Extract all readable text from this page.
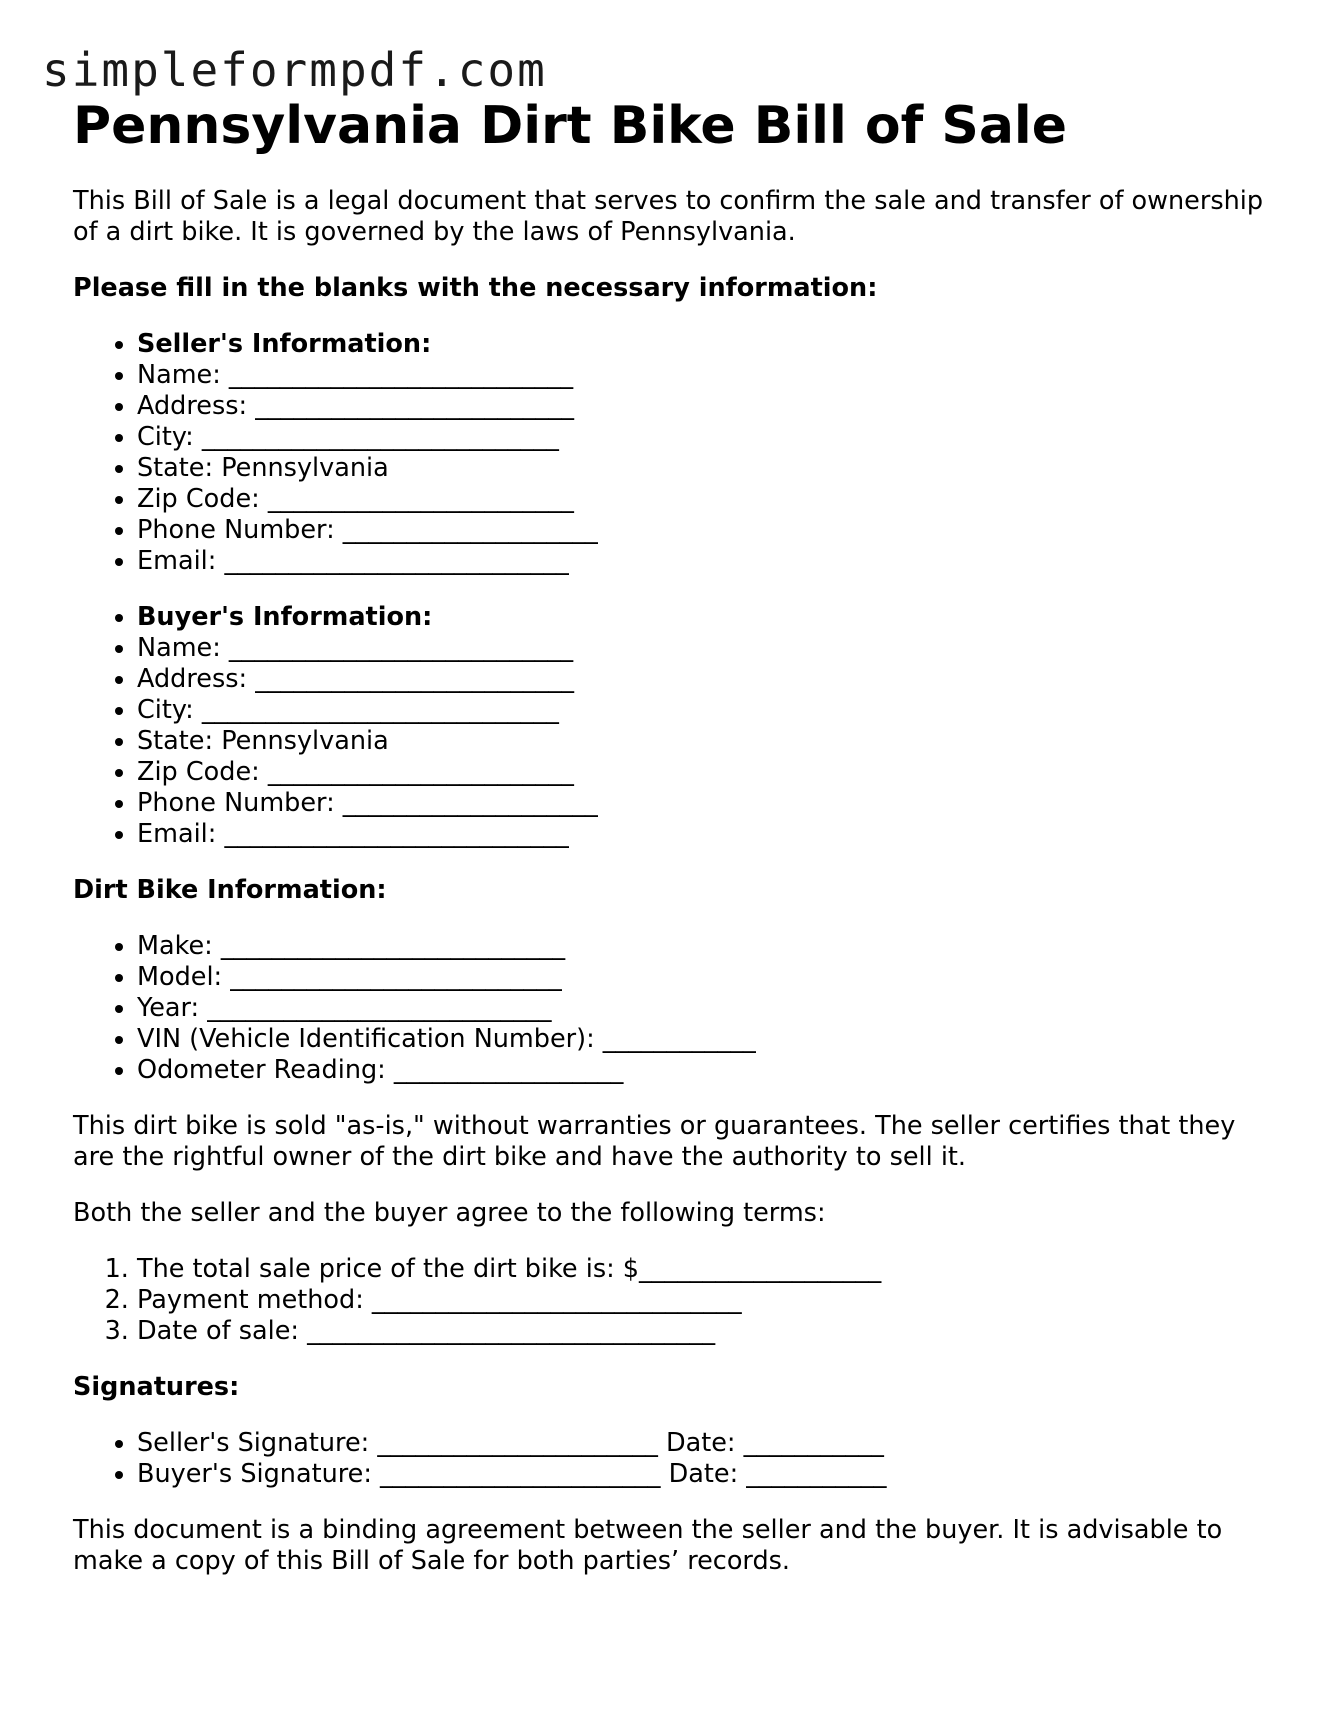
simpleformpdf.com
Pennsylvania Dirt Bike Bill of Sale

This Bill of Sale is a legal document that serves to confirm the sale and transfer of ownership of a dirt bike. It is governed by the laws of Pennsylvania.

Please fill in the blanks with the necessary information:

• Seller's Information:
• Name: ___________________________
• Address: _________________________
• City: ____________________________
• State: Pennsylvania
• Zip Code: ________________________
• Phone Number: ____________________
• Email: ___________________________
• Buyer's Information:
• Name: ___________________________
• Address: _________________________
• City: ____________________________
• State: Pennsylvania
• Zip Code: ________________________
• Phone Number: ____________________
• Email: ___________________________

Dirt Bike Information:

• Make: ___________________________
• Model: __________________________
• Year: ___________________________
• VIN (Vehicle Identification Number): ____________
• Odometer Reading: __________________

This dirt bike is sold "as-is," without warranties or guarantees. The seller certifies that they are the rightful owner of the dirt bike and have the authority to sell it.

Both the seller and the buyer agree to the following terms:

1. The total sale price of the dirt bike is: $___________________
2. Payment method: _____________________________
3. Date of sale: ________________________________

Signatures:

• Seller's Signature: ______________________ Date: ___________
• Buyer's Signature: ______________________ Date: ___________

This document is a binding agreement between the seller and the buyer. It is advisable to make a copy of this Bill of Sale for both parties’ records.
